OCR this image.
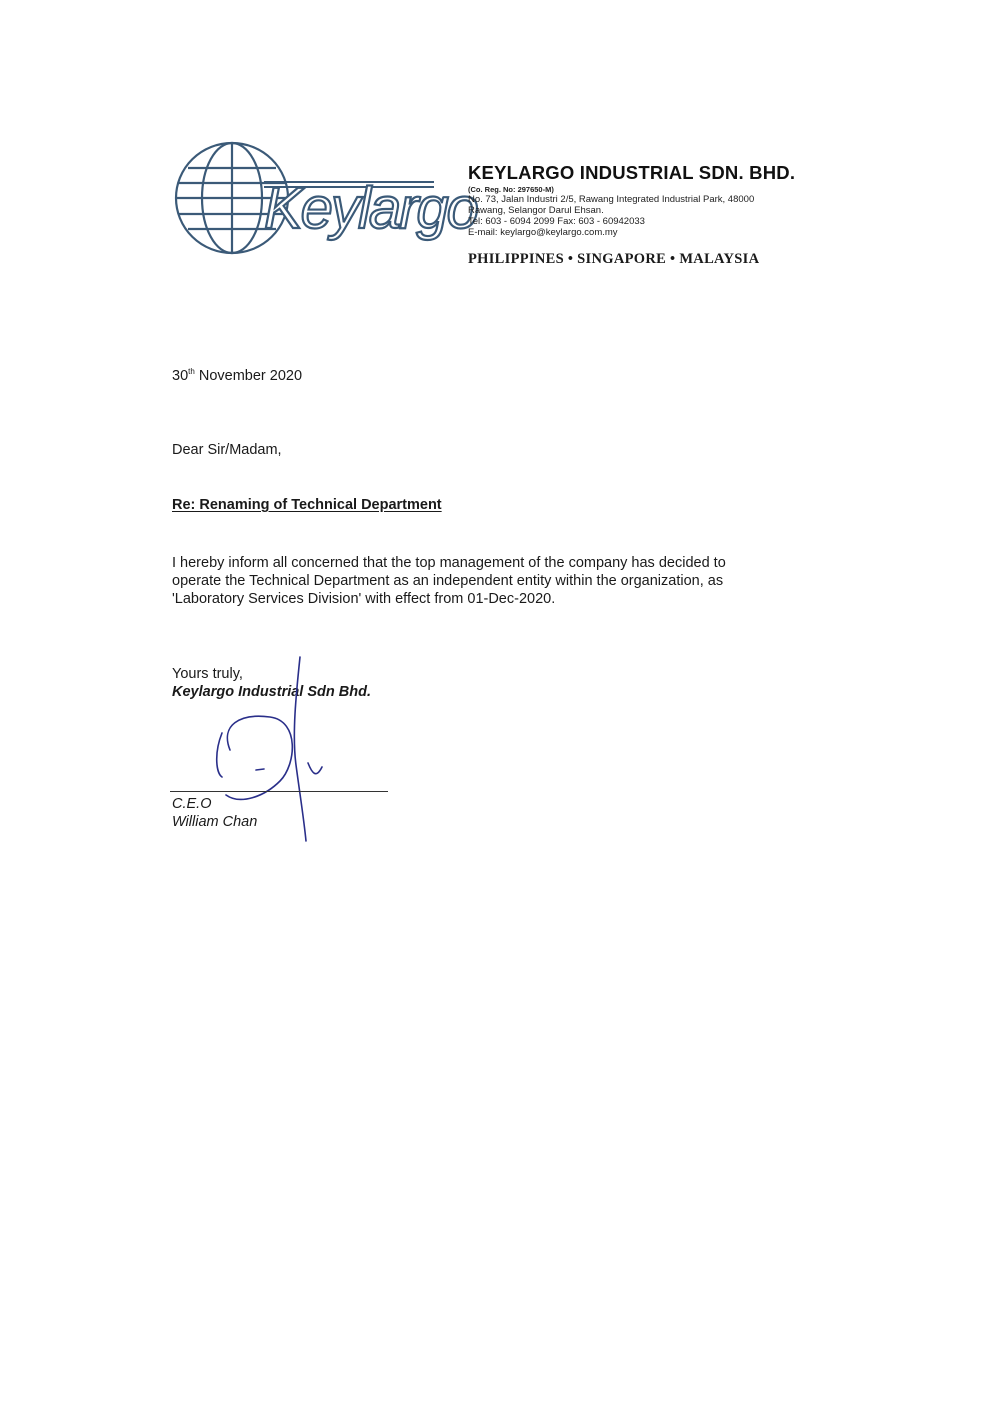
Keylargo
KEYLARGO INDUSTRIAL SDN. BHD.
(Co. Reg. No: 297650-M)
No. 73, Jalan Industri 2/5, Rawang Integrated Industrial Park, 48000
Rawang, Selangor Darul Ehsan.
Tel: 603 - 6094 2099 Fax: 603 - 60942033
E-mail: keylargo@keylargo.com.my
PHILIPPINES • SINGAPORE • MALAYSIA
30th November 2020
Dear Sir/Madam,
Re: Renaming of Technical Department
I hereby inform all concerned that the top management of the company has decided to
operate the Technical Department as an independent entity within the organization, as
'Laboratory Services Division' with effect from 01-Dec-2020.
Yours truly,
Keylargo Industrial Sdn Bhd.
C.E.O
William Chan
